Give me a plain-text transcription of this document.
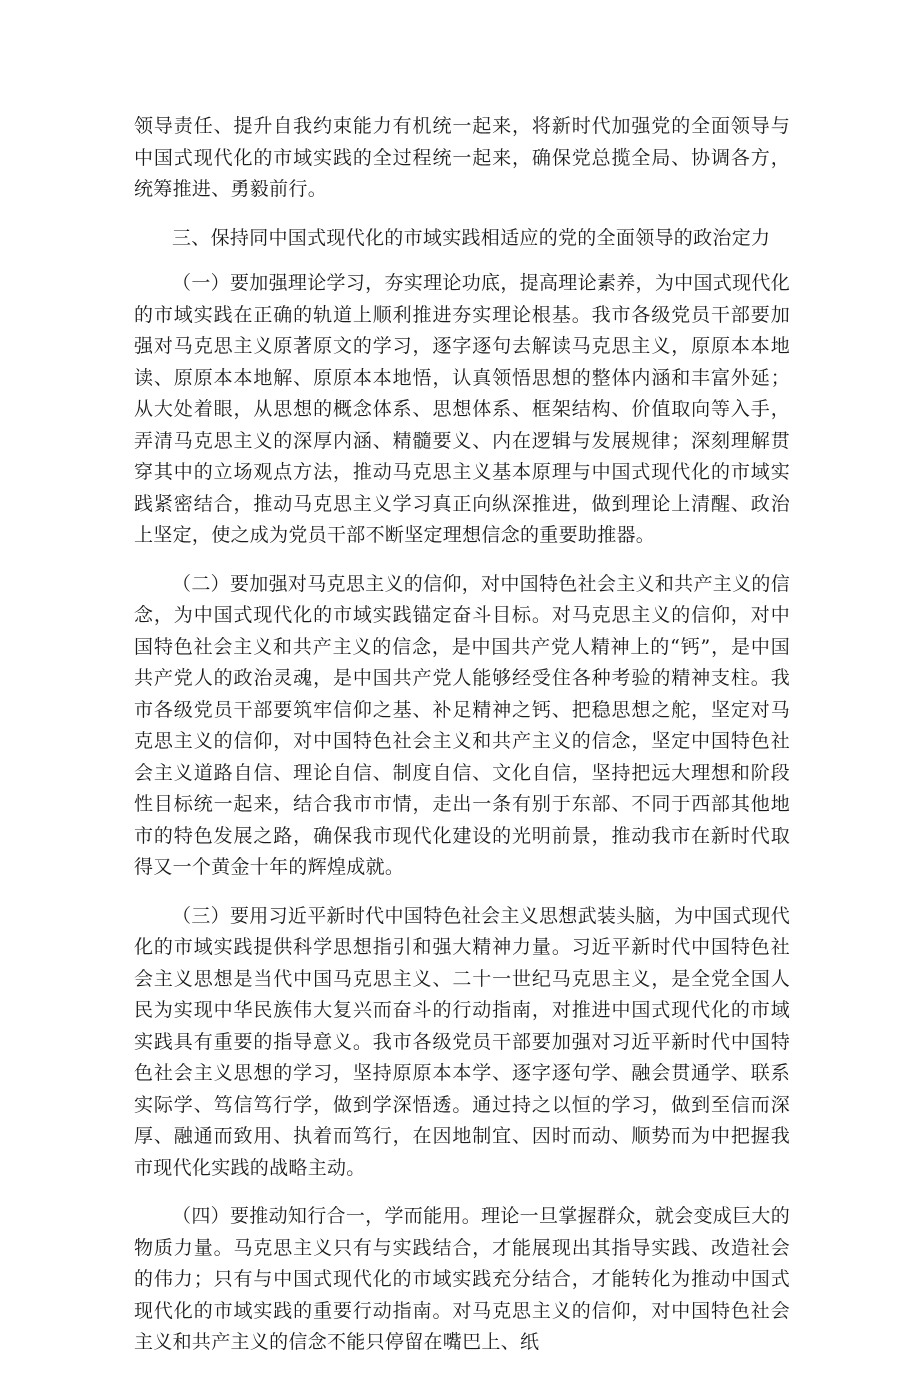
领导责任、提升自我约束能力有机统一起来，将新时代加强党的全面领导与中国式现代化的市域实践的全过程统一起来，确保党总揽全局、协调各方，统筹推进、勇毅前行。

三、保持同中国式现代化的市域实践相适应的党的全面领导的政治定力

（一）要加强理论学习，夯实理论功底，提高理论素养，为中国式现代化的市域实践在正确的轨道上顺利推进夯实理论根基。我市各级党员干部要加强对马克思主义原著原文的学习，逐字逐句去解读马克思主义，原原本本地读、原原本本地解、原原本本地悟，认真领悟思想的整体内涵和丰富外延；从大处着眼，从思想的概念体系、思想体系、框架结构、价值取向等入手，弄清马克思主义的深厚内涵、精髓要义、内在逻辑与发展规律；深刻理解贯穿其中的立场观点方法，推动马克思主义基本原理与中国式现代化的市域实践紧密结合，推动马克思主义学习真正向纵深推进，做到理论上清醒、政治上坚定，使之成为党员干部不断坚定理想信念的重要助推器。

（二）要加强对马克思主义的信仰，对中国特色社会主义和共产主义的信念，为中国式现代化的市域实践锚定奋斗目标。对马克思主义的信仰，对中国特色社会主义和共产主义的信念，是中国共产党人精神上的“钙”，是中国共产党人的政治灵魂，是中国共产党人能够经受住各种考验的精神支柱。我市各级党员干部要筑牢信仰之基、补足精神之钙、把稳思想之舵，坚定对马克思主义的信仰，对中国特色社会主义和共产主义的信念，坚定中国特色社会主义道路自信、理论自信、制度自信、文化自信，坚持把远大理想和阶段性目标统一起来，结合我市市情，走出一条有别于东部、不同于西部其他地市的特色发展之路，确保我市现代化建设的光明前景，推动我市在新时代取得又一个黄金十年的辉煌成就。

（三）要用习近平新时代中国特色社会主义思想武装头脑，为中国式现代化的市域实践提供科学思想指引和强大精神力量。习近平新时代中国特色社会主义思想是当代中国马克思主义、二十一世纪马克思主义，是全党全国人民为实现中华民族伟大复兴而奋斗的行动指南，对推进中国式现代化的市域实践具有重要的指导意义。我市各级党员干部要加强对习近平新时代中国特色社会主义思想的学习，坚持原原本本学、逐字逐句学、融会贯通学、联系实际学、笃信笃行学，做到学深悟透。通过持之以恒的学习，做到至信而深厚、融通而致用、执着而笃行，在因地制宜、因时而动、顺势而为中把握我市现代化实践的战略主动。

（四）要推动知行合一，学而能用。理论一旦掌握群众，就会变成巨大的物质力量。马克思主义只有与实践结合，才能展现出其指导实践、改造社会的伟力；只有与中国式现代化的市域实践充分结合，才能转化为推动中国式现代化的市域实践的重要行动指南。对马克思主义的信仰，对中国特色社会主义和共产主义的信念不能只停留在嘴巴上、纸
